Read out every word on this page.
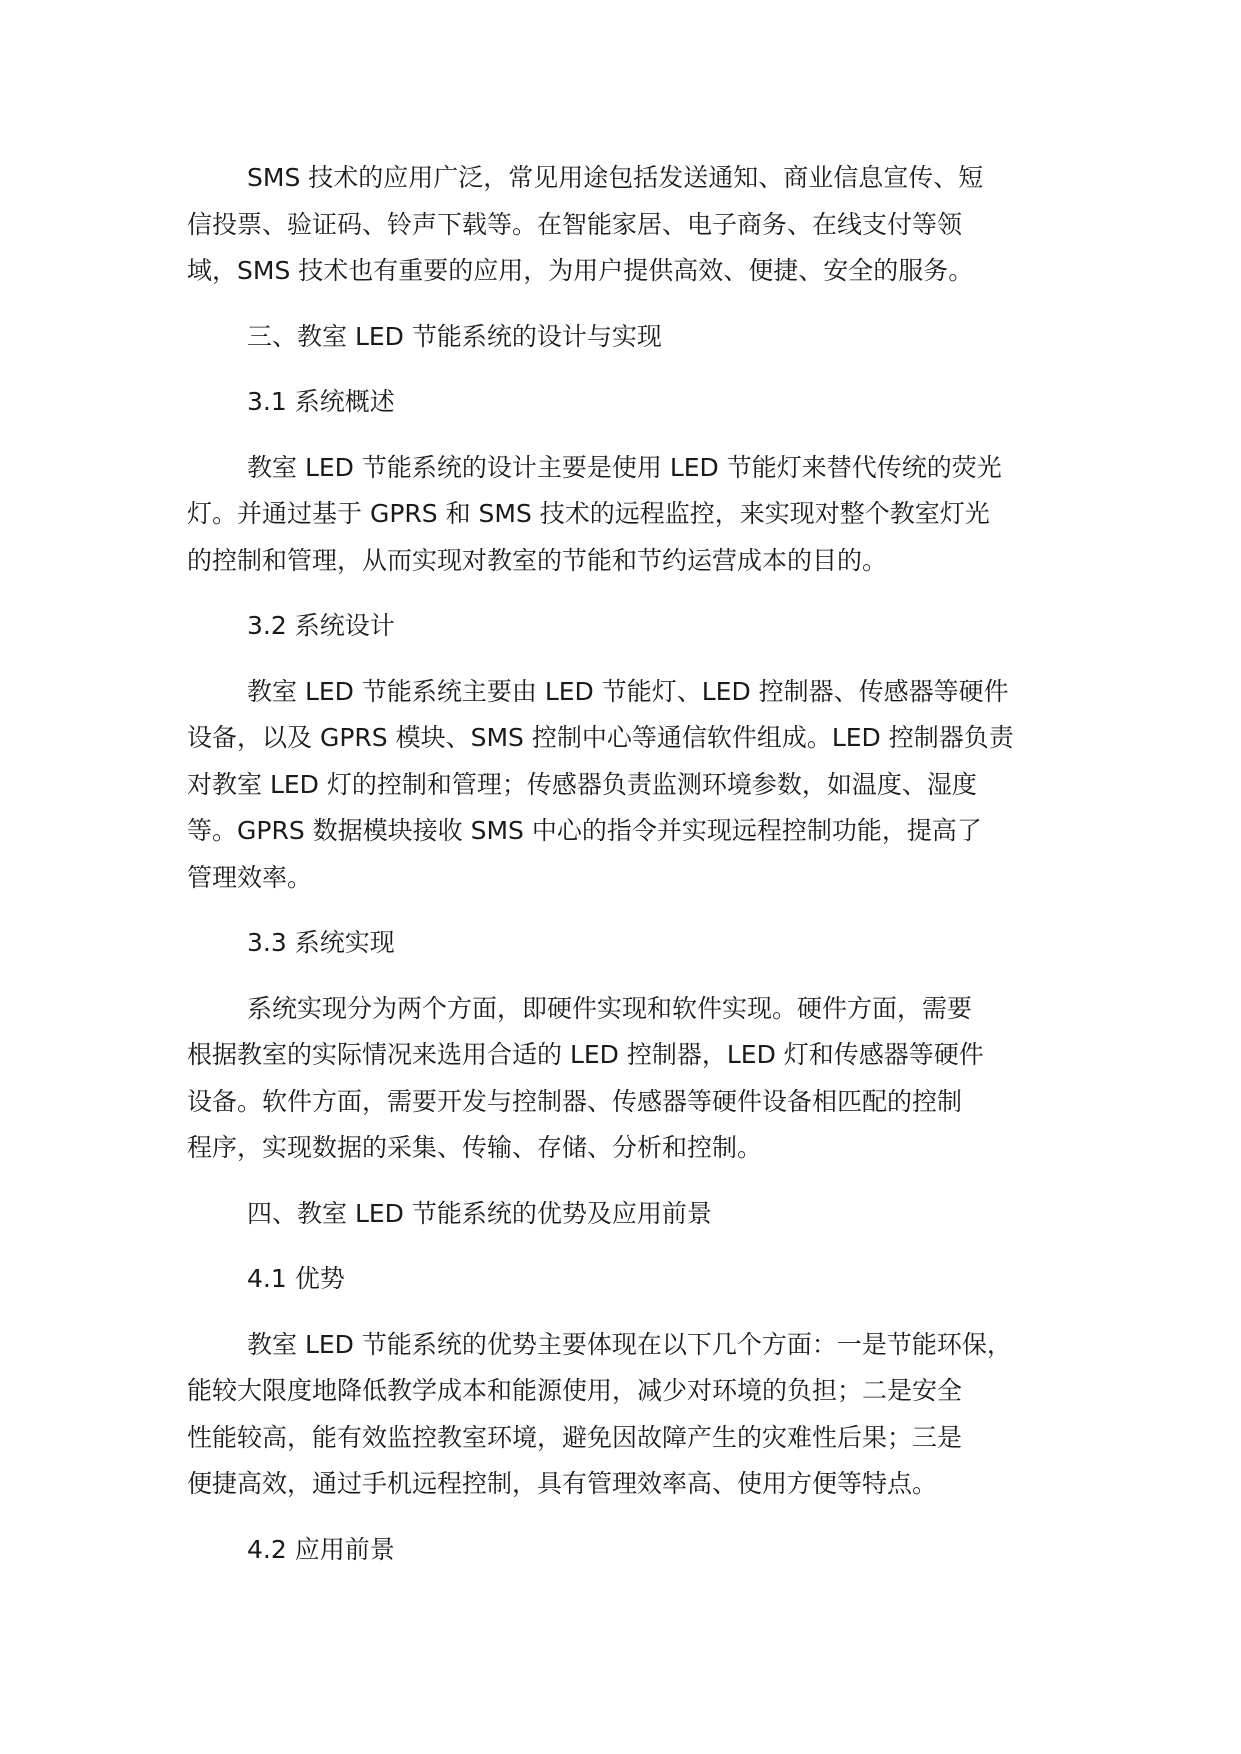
SMS 技术的应用广泛，常见用途包括发送通知、商业信息宣传、短
信投票、验证码、铃声下载等。在智能家居、电子商务、在线支付等领
域，SMS 技术也有重要的应用，为用户提供高效、便捷、安全的服务。

三、教室 LED 节能系统的设计与实现

3.1 系统概述

教室 LED 节能系统的设计主要是使用 LED 节能灯来替代传统的荧光
灯。并通过基于 GPRS 和 SMS 技术的远程监控，来实现对整个教室灯光
的控制和管理，从而实现对教室的节能和节约运营成本的目的。

3.2 系统设计

教室 LED 节能系统主要由 LED 节能灯、LED 控制器、传感器等硬件
设备，以及 GPRS 模块、SMS 控制中心等通信软件组成。LED 控制器负责
对教室 LED 灯的控制和管理；传感器负责监测环境参数，如温度、湿度
等。GPRS 数据模块接收 SMS 中心的指令并实现远程控制功能，提高了
管理效率。

3.3 系统实现

系统实现分为两个方面，即硬件实现和软件实现。硬件方面，需要
根据教室的实际情况来选用合适的 LED 控制器，LED 灯和传感器等硬件
设备。软件方面，需要开发与控制器、传感器等硬件设备相匹配的控制
程序，实现数据的采集、传输、存储、分析和控制。

四、教室 LED 节能系统的优势及应用前景

4.1 优势

教室 LED 节能系统的优势主要体现在以下几个方面：一是节能环保，
能较大限度地降低教学成本和能源使用，减少对环境的负担；二是安全
性能较高，能有效监控教室环境，避免因故障产生的灾难性后果；三是
便捷高效，通过手机远程控制，具有管理效率高、使用方便等特点。

4.2 应用前景
